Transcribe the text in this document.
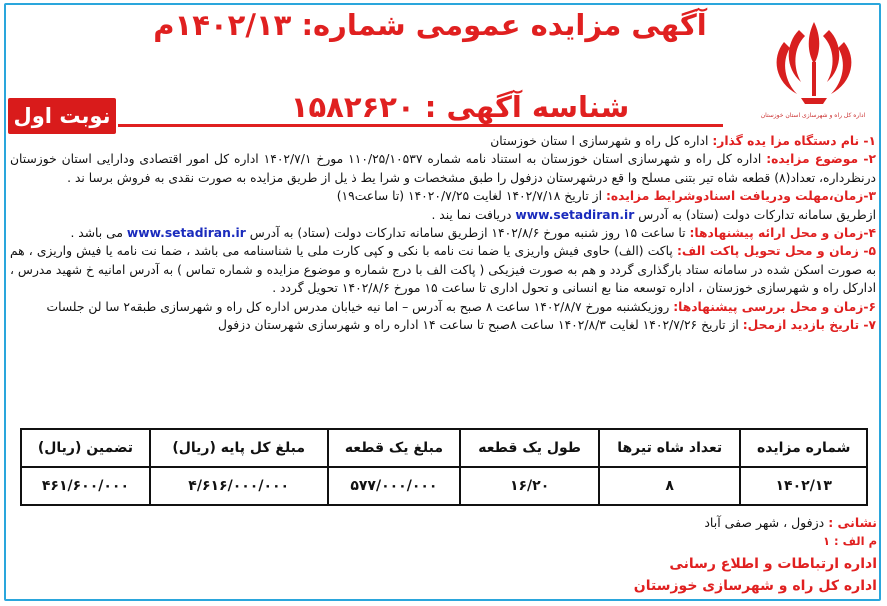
آگهی مزایده عمومی شماره: ۱۴۰۲/۱۳م
اداره کل راه و شهرسازی استان خوزستان
نوبت اول	شناسه آگهی : ۱۵۸۲۶۲۰

۱- نام دستگاه مزا یده گذار: اداره کل راه و شهرسازی ا ستان خوزستان

۲- موضوع مزایده: اداره کل راه و شهرسازی استان خوزستان به استناد نامه شماره ۱۱۰/۲۵/۱۰۵۳۷ مورخ ۱۴۰۲/۷/۱ اداره کل امور اقتصادی ودارایی استان خوزستان درنظرداره، تعداد(۸) قطعه شاه تیر بتنی مسلح وا قع درشهرستان دزفول را طبق مشخصات و شرا یط ذ یل از طریق مزایده به صورت نقدی به فروش برسا ند .

۳-زمان،مهلت ودریافت اسنادوشرایط مزایده: از تاریخ ۱۴۰۲/۷/۱۸ لغایت ۱۴۰۲۰/۷/۲۵ (تا ساعت۱۹)

ازطریق سامانه تدارکات دولت (ستاد) به آدرس www.setadiran.ir دریافت نما یند .

۴-زمان و محل ارائه پیشنهادها: تا ساعت ۱۵ روز شنبه مورخ ۱۴۰۲/۸/۶ ازطریق سامانه تدارکات دولت (ستاد) به آدرس www.setadiran.ir می باشد .

۵- زمان و محل تحویل پاکت الف: پاکت (الف) حاوی فیش واریزی یا ضما نت نامه با نکی و کپی کارت ملی یا شناسنامه می باشد ، ضما نت نامه یا فیش واریزی ، هم به صورت اسکن شده در سامانه ستاد بارگذاری گردد و هم به صورت فیزیکی ( پاکت الف با درج شماره و موضوع مزایده و شماره تماس ) به آدرس امانیه خ شهید مدرس ، ادارکل راه و شهرسازی خوزستان ، اداره توسعه منا بع انسانی و تحول اداری تا ساعت ۱۵ مورخ ۱۴۰۲/۸/۶ تحویل گردد .

۶-زمان و محل بررسی پیشنهادها: روزیکشنبه مورخ ۱۴۰۲/۸/۷ ساعت ۸ صبح به آدرس – اما نیه خیابان مدرس اداره کل راه و شهرسازی طبقه۲ سا لن جلسات

۷- تاریخ بازدید ازمحل: از تاریخ ۱۴۰۲/۷/۲۶ لغایت ۱۴۰۲/۸/۳ ساعت ۸صبح تا ساعت ۱۴ اداره راه و شهرسازی شهرستان دزفول

شماره مزایده	تعداد شاه تیرها	طول یک قطعه	مبلغ یک قطعه	مبلغ کل پایه (ریال)	تضمین (ریال)
۱۴۰۲/۱۳	۸	۱۶/۲۰	۵۷۷/۰۰۰/۰۰۰	۴/۶۱۶/۰۰۰/۰۰۰	۴۶۱/۶۰۰/۰۰۰
نشانی : دزفول ، شهر صفی آباد
م الف : ۱
اداره ارتباطات و اطلاع رسانی
اداره کل راه و شهرسازی خوزستان
